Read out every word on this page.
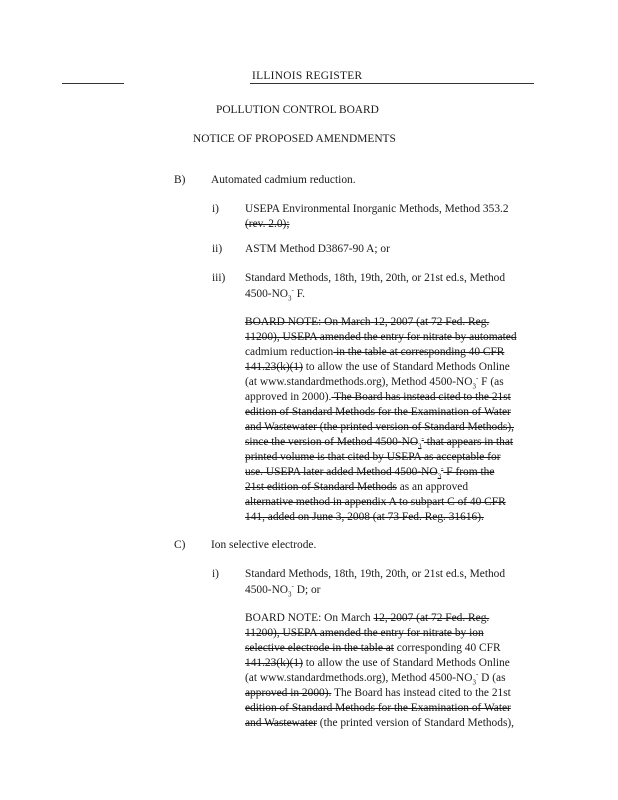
ILLINOIS REGISTER
POLLUTION CONTROL BOARD
NOTICE OF PROPOSED AMENDMENTS
B) Automated cadmium reduction.
i) USEPA Environmental Inorganic Methods, Method 353.2
(rev. 2.0);
ii) ASTM Method D3867-90 A; or
iii) Standard Methods, 18th, 19th, 20th, or 21st ed.s, Method
$4500-NO_3^-$ F.
BOARD NOTE: On March 12, 2007 (at 72 Fed. Reg.
11200), USEPA amended the entry for nitrate by automated
cadmium reduction in the table at corresponding 40 CFR
141.23(k)(1) to allow the use of Standard Methods Online
(at www.standardmethods.org), Method $4500-NO_3^-$ F (as
approved in 2000). The Board has instead cited to the 21st
edition of Standard Methods for the Examination of Water
and Wastewater (the printed version of Standard Methods),
since the version of Method $4500-NO_3^-$ that appears in that
printed volume is that cited by USEPA as acceptable for
use. USEPA later added Method $4500-NO_3^-$ F from the
21st edition of Standard Methods as an approved
alternative method in appendix A to subpart C of 40 CFR
141, added on June 3, 2008 (at 73 Fed. Reg. 31616).
C) Ion selective electrode.
i) Standard Methods, 18th, 19th, 20th, or 21st ed.s, Method
$4500-NO_3^-$ D; or
BOARD NOTE: On March 12, 2007 (at 72 Fed. Reg.
11200), USEPA amended the entry for nitrate by ion
selective electrode in the table at corresponding 40 CFR
141.23(k)(1) to allow the use of Standard Methods Online
(at www.standardmethods.org), Method $4500-NO_3^-$ D (as
approved in 2000). The Board has instead cited to the 21st
edition of Standard Methods for the Examination of Water
and Wastewater (the printed version of Standard Methods),
